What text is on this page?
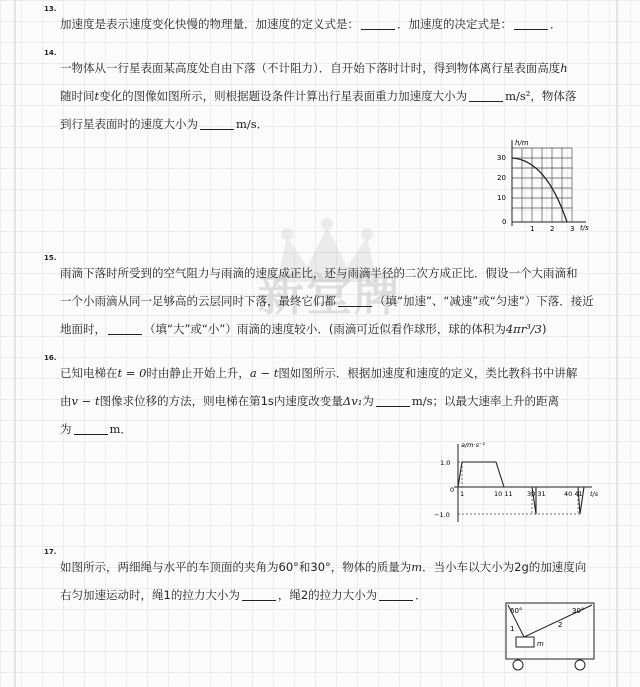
新堂牌
13.
加速度是表示速度变化快慢的物理量．加速度的定义式是：	．加速度的决定式是：	．
14.
一物体从一行星表面某高度处自由下落（不计阻力）．自开始下落时计时，得到物体离行星表面高度h
随时间t变化的图像如图所示，则根据题设条件计算出行星表面重力加速度大小为	m/s²，物体落
到行星表面时的速度大小为	m/s．
h/m
t/s
30
20
10
0
1 2 3
15.
雨滴下落时所受到的空气阻力与雨滴的速度成正比，还与雨滴半径的二次方成正比．假设一个大雨滴和
一个小雨滴从同一足够高的云层同时下落，最终它们都	（填“加速”、“减速”或“匀速”）下落．接近
地面时，	（填“大”或“小”）雨滴的速度较小．(雨滴可近似看作球形，球的体积为4πr³/3)
16.
已知电梯在t = 0时由静止开始上升，a − t图如图所示．根据加速度和速度的定义，类比教科书中讲解
由v − t图像求位移的方法，则电梯在第1s内速度改变量Δv₁为	m/s；以最大速率上升的距离
为	m．
a/m·s⁻²
t/s
1.0
0
−1.0
1	10 11 30 31	40 41
17.
如图所示，两细绳与水平的车顶面的夹角为60°和30°，物体的质量为m．当小车以大小为2g的加速度向
右匀加速运动时，绳1的拉力大小为	，绳2的拉力大小为	．
60°	30°
1	2
m
